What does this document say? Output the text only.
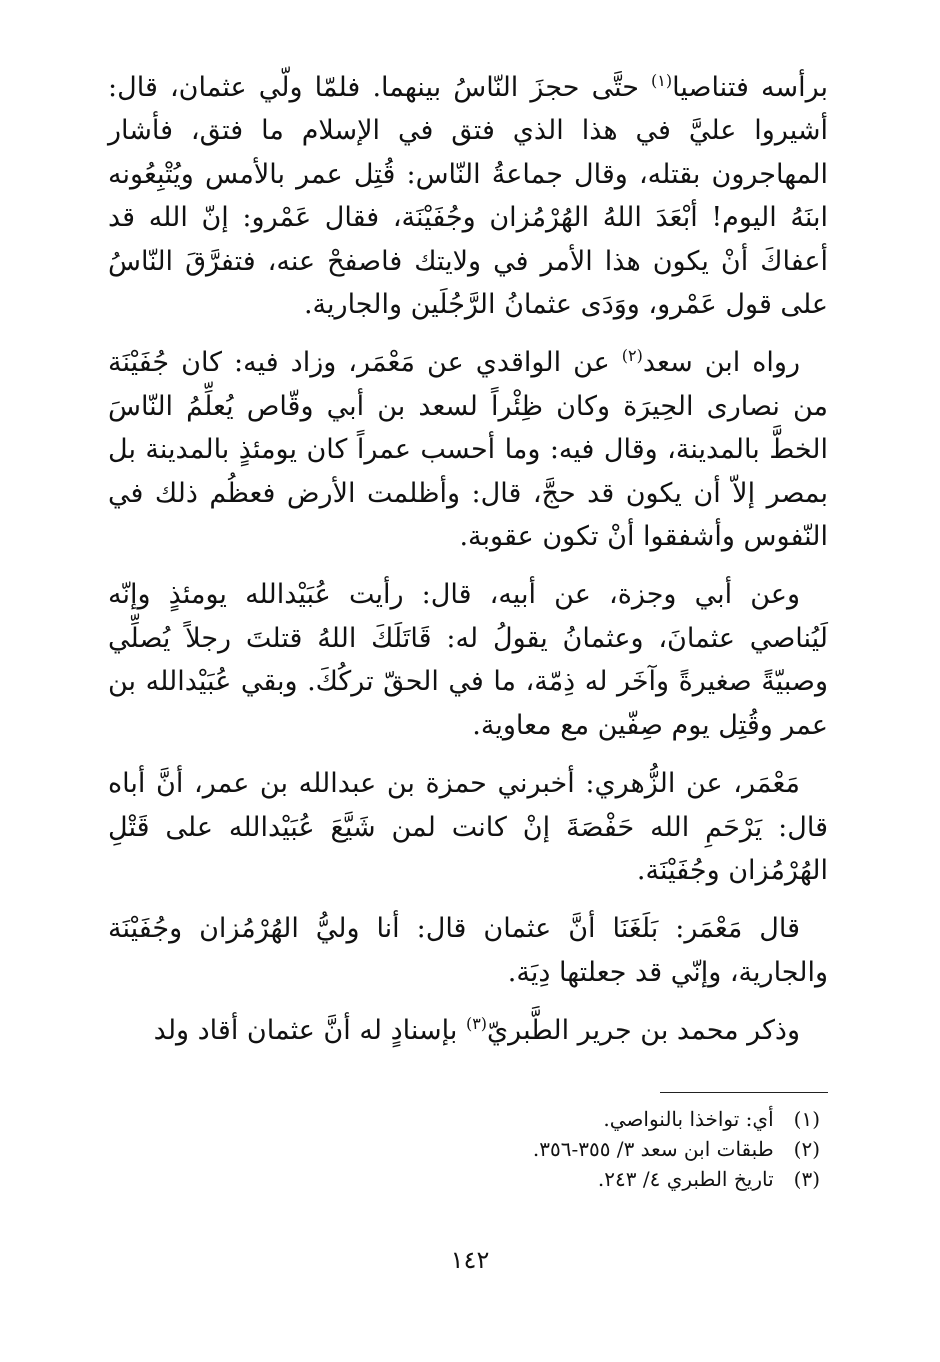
برأسه فتناصيا$^{(١)}$ حتَّى حجزَ النّاسُ بينهما. فلمّا ولّي عثمان، قال: أشيروا عليَّ في هذا الذي فتق في الإسلام ما فتق، فأشار المهاجرون بقتله، وقال جماعةُ النّاس: قُتِل عمر بالأمس ويُتْبِعُونه ابنَهُ اليوم! أبْعَدَ اللهُ الهُرْمُزان وجُفَيْنَة، فقال عَمْرو: إنّ الله قد أعفاكَ أنْ يكون هذا الأمر في ولايتك فاصفحْ عنه، فتفرَّقَ النّاسُ على قول عَمْرو، ووَدَى عثمانُ الرَّجُلَين والجارية.

رواه ابن سعد$^{(٢)}$ عن الواقدي عن مَعْمَر، وزاد فيه: كان جُفَيْنَة من نصارى الحِيرَة وكان ظِئْراً لسعد بن أبي وقّاص يُعلِّمُ النّاسَ الخطَّ بالمدينة، وقال فيه: وما أحسب عمراً كان يومئذٍ بالمدينة بل بمصر إلاّ أن يكون قد حجَّ، قال: وأظلمت الأرض فعظُم ذلك في النّفوس وأشفقوا أنْ تكون عقوبة.

وعن أبي وجزة، عن أبيه، قال: رأيت عُبَيْدالله يومئذٍ وإنّه لَيُناصي عثمانَ، وعثمانُ يقولُ له: قَاتَلَكَ اللهُ قتلتَ رجلاً يُصلِّي وصبيّةً صغيرةً وآخَر له ذِمّة، ما في الحقّ تركُكَ. وبقي عُبَيْدالله بن عمر وقُتِل يوم صِفّين مع معاوية.

مَعْمَر، عن الزُّهري: أخبرني حمزة بن عبدالله بن عمر، أنَّ أباه قال: يَرْحَمِ الله حَفْصَةَ إنْ كانت لمن شَيَّعَ عُبَيْدالله على قَتْلِ الهُرْمُزان وجُفَيْنَة.

قال مَعْمَر: بَلَغَنَا أنَّ عثمان قال: أنا وليُّ الهُرْمُزان وجُفَيْنَة والجارية، وإنّي قد جعلتها دِيَة.

وذكر محمد بن جرير الطَّبريّ$^{(٣)}$ بإسنادٍ له أنَّ عثمان أقاد ولد

(١) أي: تواخذا بالنواصي.

(٢) طبقات ابن سعد ٣/ ٣٥٥-٣٥٦.

(٣) تاريخ الطبري ٤/ ٢٤٣.

١٤٢
